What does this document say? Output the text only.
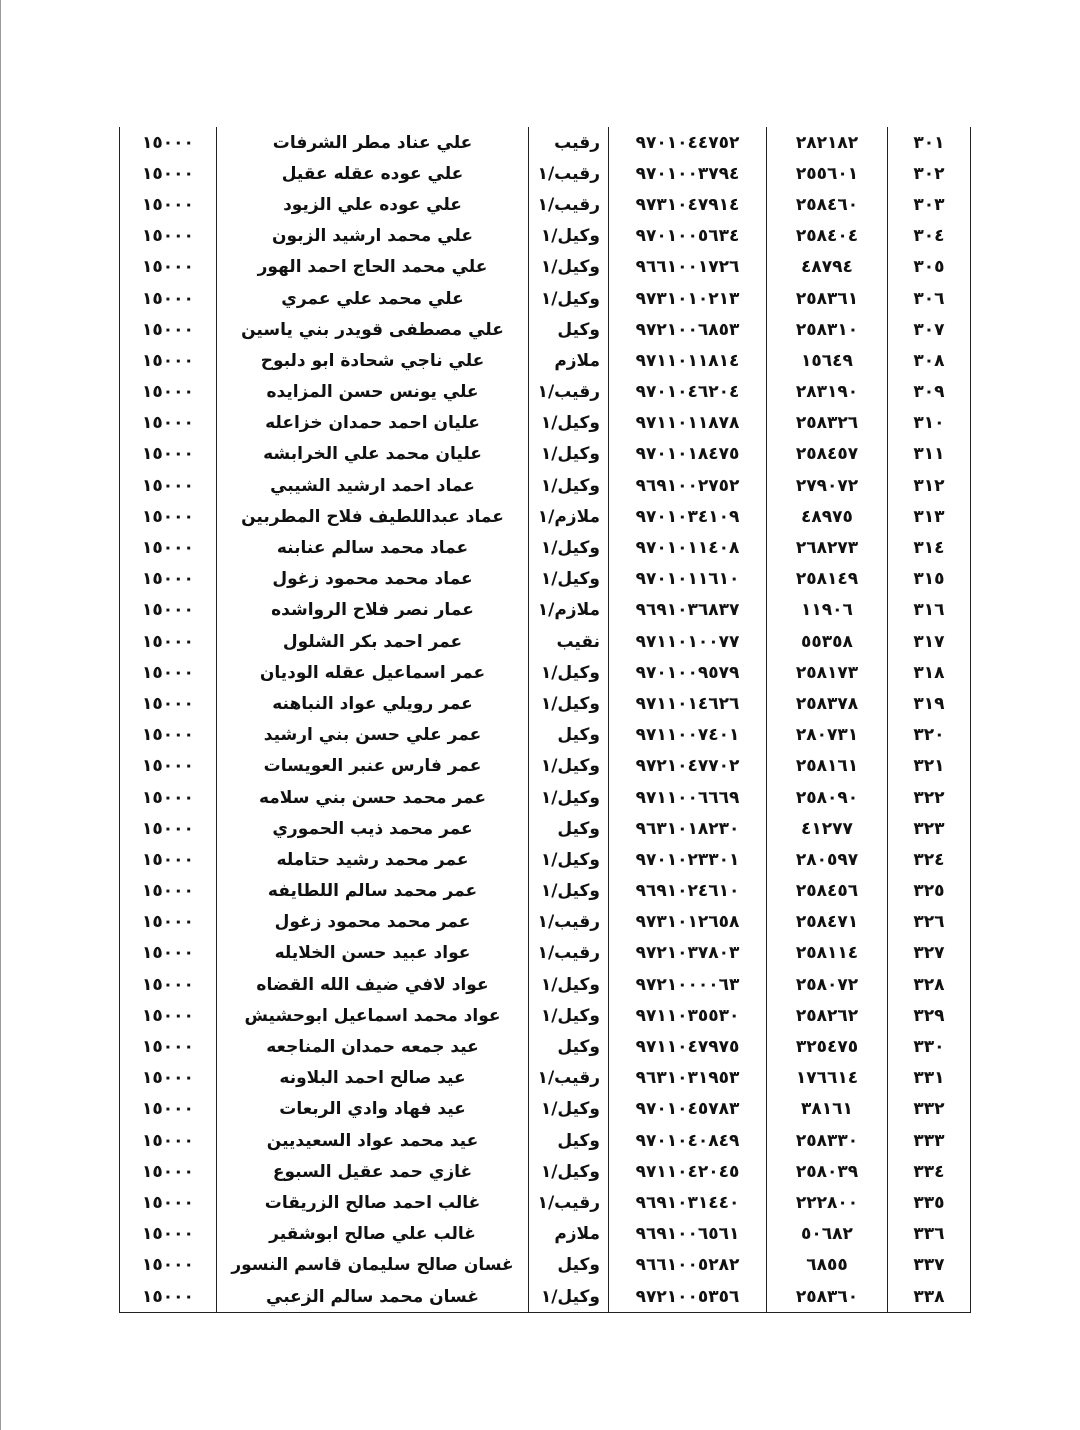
٣٠١	٢٨٢١٨٢	٩٧٠١٠٤٤٧٥٢	رقيب	علي عناد مطر الشرفات	١٥٠٠٠
٣٠٢	٢٥٥٦٠١	٩٧٠١٠٠٣٧٩٤	رقيب/١	علي عوده عقله عقيل	١٥٠٠٠
٣٠٣	٢٥٨٤٦٠	٩٧٣١٠٤٧٩١٤	رقيب/١	علي عوده علي الزيود	١٥٠٠٠
٣٠٤	٢٥٨٤٠٤	٩٧٠١٠٠٥٦٣٤	وكيل/١	علي محمد ارشيد الزبون	١٥٠٠٠
٣٠٥	٤٨٧٩٤	٩٦٦١٠٠١٧٢٦	وكيل/١	علي محمد الحاج احمد الهور	١٥٠٠٠
٣٠٦	٢٥٨٣٦١	٩٧٣١٠١٠٢١٣	وكيل/١	علي محمد علي عمري	١٥٠٠٠
٣٠٧	٢٥٨٣١٠	٩٧٢١٠٠٦٨٥٣	وكيل	علي مصطفى قويدر بني ياسين	١٥٠٠٠
٣٠٨	١٥٦٤٩	٩٧١١٠١١٨١٤	ملازم	علي ناجي شحادة ابو دلبوح	١٥٠٠٠
٣٠٩	٢٨٣١٩٠	٩٧٠١٠٤٦٢٠٤	رقيب/١	علي يونس حسن المزايده	١٥٠٠٠
٣١٠	٢٥٨٣٢٦	٩٧١١٠١١٨٧٨	وكيل/١	عليان احمد حمدان خزاعله	١٥٠٠٠
٣١١	٢٥٨٤٥٧	٩٧٠١٠١٨٤٧٥	وكيل/١	عليان محمد علي الخرابشه	١٥٠٠٠
٣١٢	٢٧٩٠٧٢	٩٦٩١٠٠٢٧٥٢	وكيل/١	عماد احمد ارشيد الشيبي	١٥٠٠٠
٣١٣	٤٨٩٧٥	٩٧٠١٠٣٤١٠٩	ملازم/١	عماد عبداللطيف فلاح المطربين	١٥٠٠٠
٣١٤	٢٦٨٢٧٣	٩٧٠١٠١١٤٠٨	وكيل/١	عماد محمد سالم عنابنه	١٥٠٠٠
٣١٥	٢٥٨١٤٩	٩٧٠١٠١١٦١٠	وكيل/١	عماد محمد محمود زغول	١٥٠٠٠
٣١٦	١١٩٠٦	٩٦٩١٠٣٦٨٣٧	ملازم/١	عمار نصر فلاح الرواشده	١٥٠٠٠
٣١٧	٥٥٣٥٨	٩٧١١٠١٠٠٧٧	نقيب	عمر احمد بكر الشلول	١٥٠٠٠
٣١٨	٢٥٨١٧٣	٩٧٠١٠٠٩٥٧٩	وكيل/١	عمر اسماعيل عقله الوديان	١٥٠٠٠
٣١٩	٢٥٨٣٧٨	٩٧١١٠١٤٦٢٦	وكيل/١	عمر رويلي عواد النباهنه	١٥٠٠٠
٣٢٠	٢٨٠٧٣١	٩٧١١٠٠٧٤٠١	وكيل	عمر علي حسن بني ارشيد	١٥٠٠٠
٣٢١	٢٥٨١٦١	٩٧٢١٠٤٧٧٠٢	وكيل/١	عمر فارس عنبر العويسات	١٥٠٠٠
٣٢٢	٢٥٨٠٩٠	٩٧١١٠٠٦٦٦٩	وكيل/١	عمر محمد حسن بني سلامه	١٥٠٠٠
٣٢٣	٤١٢٧٧	٩٦٣١٠١٨٢٣٠	وكيل	عمر محمد ذيب الحموري	١٥٠٠٠
٣٢٤	٢٨٠٥٩٧	٩٧٠١٠٢٣٣٠١	وكيل/١	عمر محمد رشيد حتامله	١٥٠٠٠
٣٢٥	٢٥٨٤٥٦	٩٦٩١٠٢٤٦١٠	وكيل/١	عمر محمد سالم اللطايفه	١٥٠٠٠
٣٢٦	٢٥٨٤٧١	٩٧٣١٠١٢٦٥٨	رقيب/١	عمر محمد محمود زغول	١٥٠٠٠
٣٢٧	٢٥٨١١٤	٩٧٢١٠٣٧٨٠٣	رقيب/١	عواد عبيد حسن الخلايله	١٥٠٠٠
٣٢٨	٢٥٨٠٧٢	٩٧٢١٠٠٠٠٦٣	وكيل/١	عواد لافي ضيف الله القضاه	١٥٠٠٠
٣٢٩	٢٥٨٢٦٢	٩٧١١٠٣٥٥٣٠	وكيل/١	عواد محمد اسماعيل ابوحشيش	١٥٠٠٠
٣٣٠	٣٢٥٤٧٥	٩٧١١٠٤٧٩٧٥	وكيل	عيد جمعه حمدان المناجعه	١٥٠٠٠
٣٣١	١٧٦٦١٤	٩٦٣١٠٣١٩٥٣	رقيب/١	عيد صالح احمد البلاونه	١٥٠٠٠
٣٣٢	٣٨١٦١	٩٧٠١٠٤٥٧٨٣	وكيل/١	عيد فهاد وادي الربعات	١٥٠٠٠
٣٣٣	٢٥٨٣٣٠	٩٧٠١٠٤٠٨٤٩	وكيل	عيد محمد عواد السعيديين	١٥٠٠٠
٣٣٤	٢٥٨٠٣٩	٩٧١١٠٤٢٠٤٥	وكيل/١	غازي حمد عقيل السبوع	١٥٠٠٠
٣٣٥	٢٢٢٨٠٠	٩٦٩١٠٣١٤٤٠	رقيب/١	غالب احمد صالح الزريقات	١٥٠٠٠
٣٣٦	٥٠٦٨٢	٩٦٩١٠٠٦٥٦١	ملازم	غالب علي صالح ابوشقير	١٥٠٠٠
٣٣٧	٦٨٥٥	٩٦٦١٠٠٥٢٨٢	وكيل	غسان صالح سليمان قاسم النسور	١٥٠٠٠
٣٣٨	٢٥٨٣٦٠	٩٧٢١٠٠٥٣٥٦	وكيل/١	غسان محمد سالم الزعبي	١٥٠٠٠
